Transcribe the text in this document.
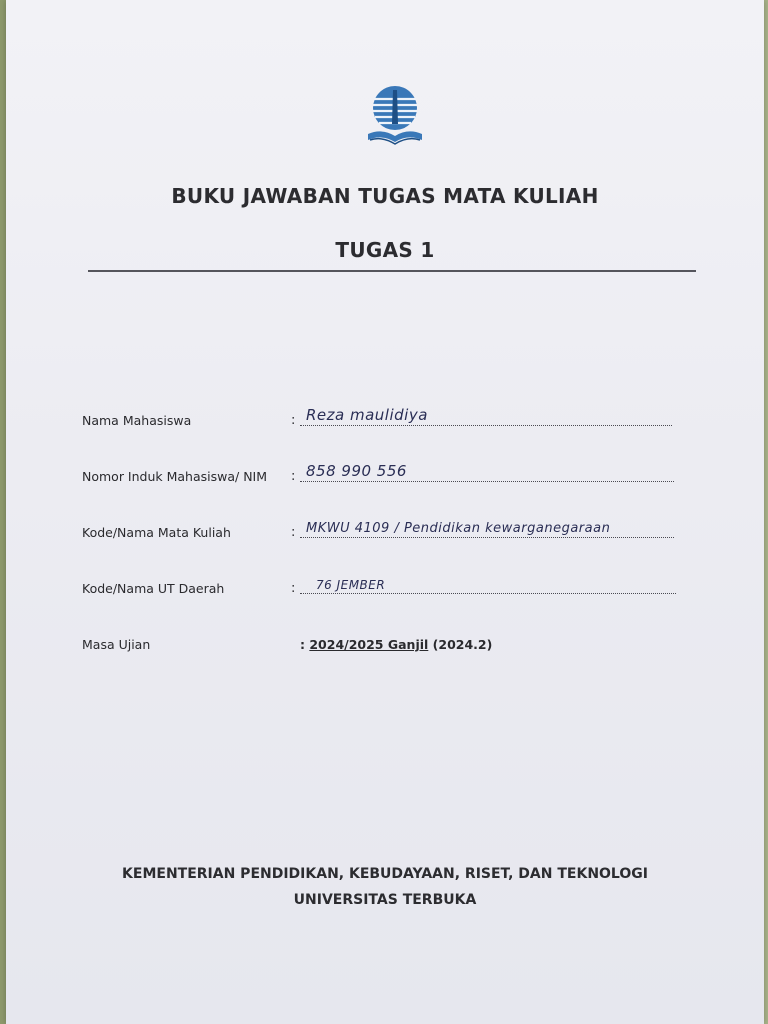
BUKU JAWABAN TUGAS MATA KULIAH
TUGAS 1
Nama Mahasiswa	: Reza maulidiya
Nomor Induk Mahasiswa/ NIM : 858 990 556
Kode/Nama Mata Kuliah	: MKWU 4109 / Pendidikan kewarganegaraan
Kode/Nama UT Daerah	: 76 JEMBER
Masa Ujian	: 2024/2025 Ganjil (2024.2)
KEMENTERIAN PENDIDIKAN, KEBUDAYAAN, RISET, DAN TEKNOLOGI
UNIVERSITAS TERBUKA
